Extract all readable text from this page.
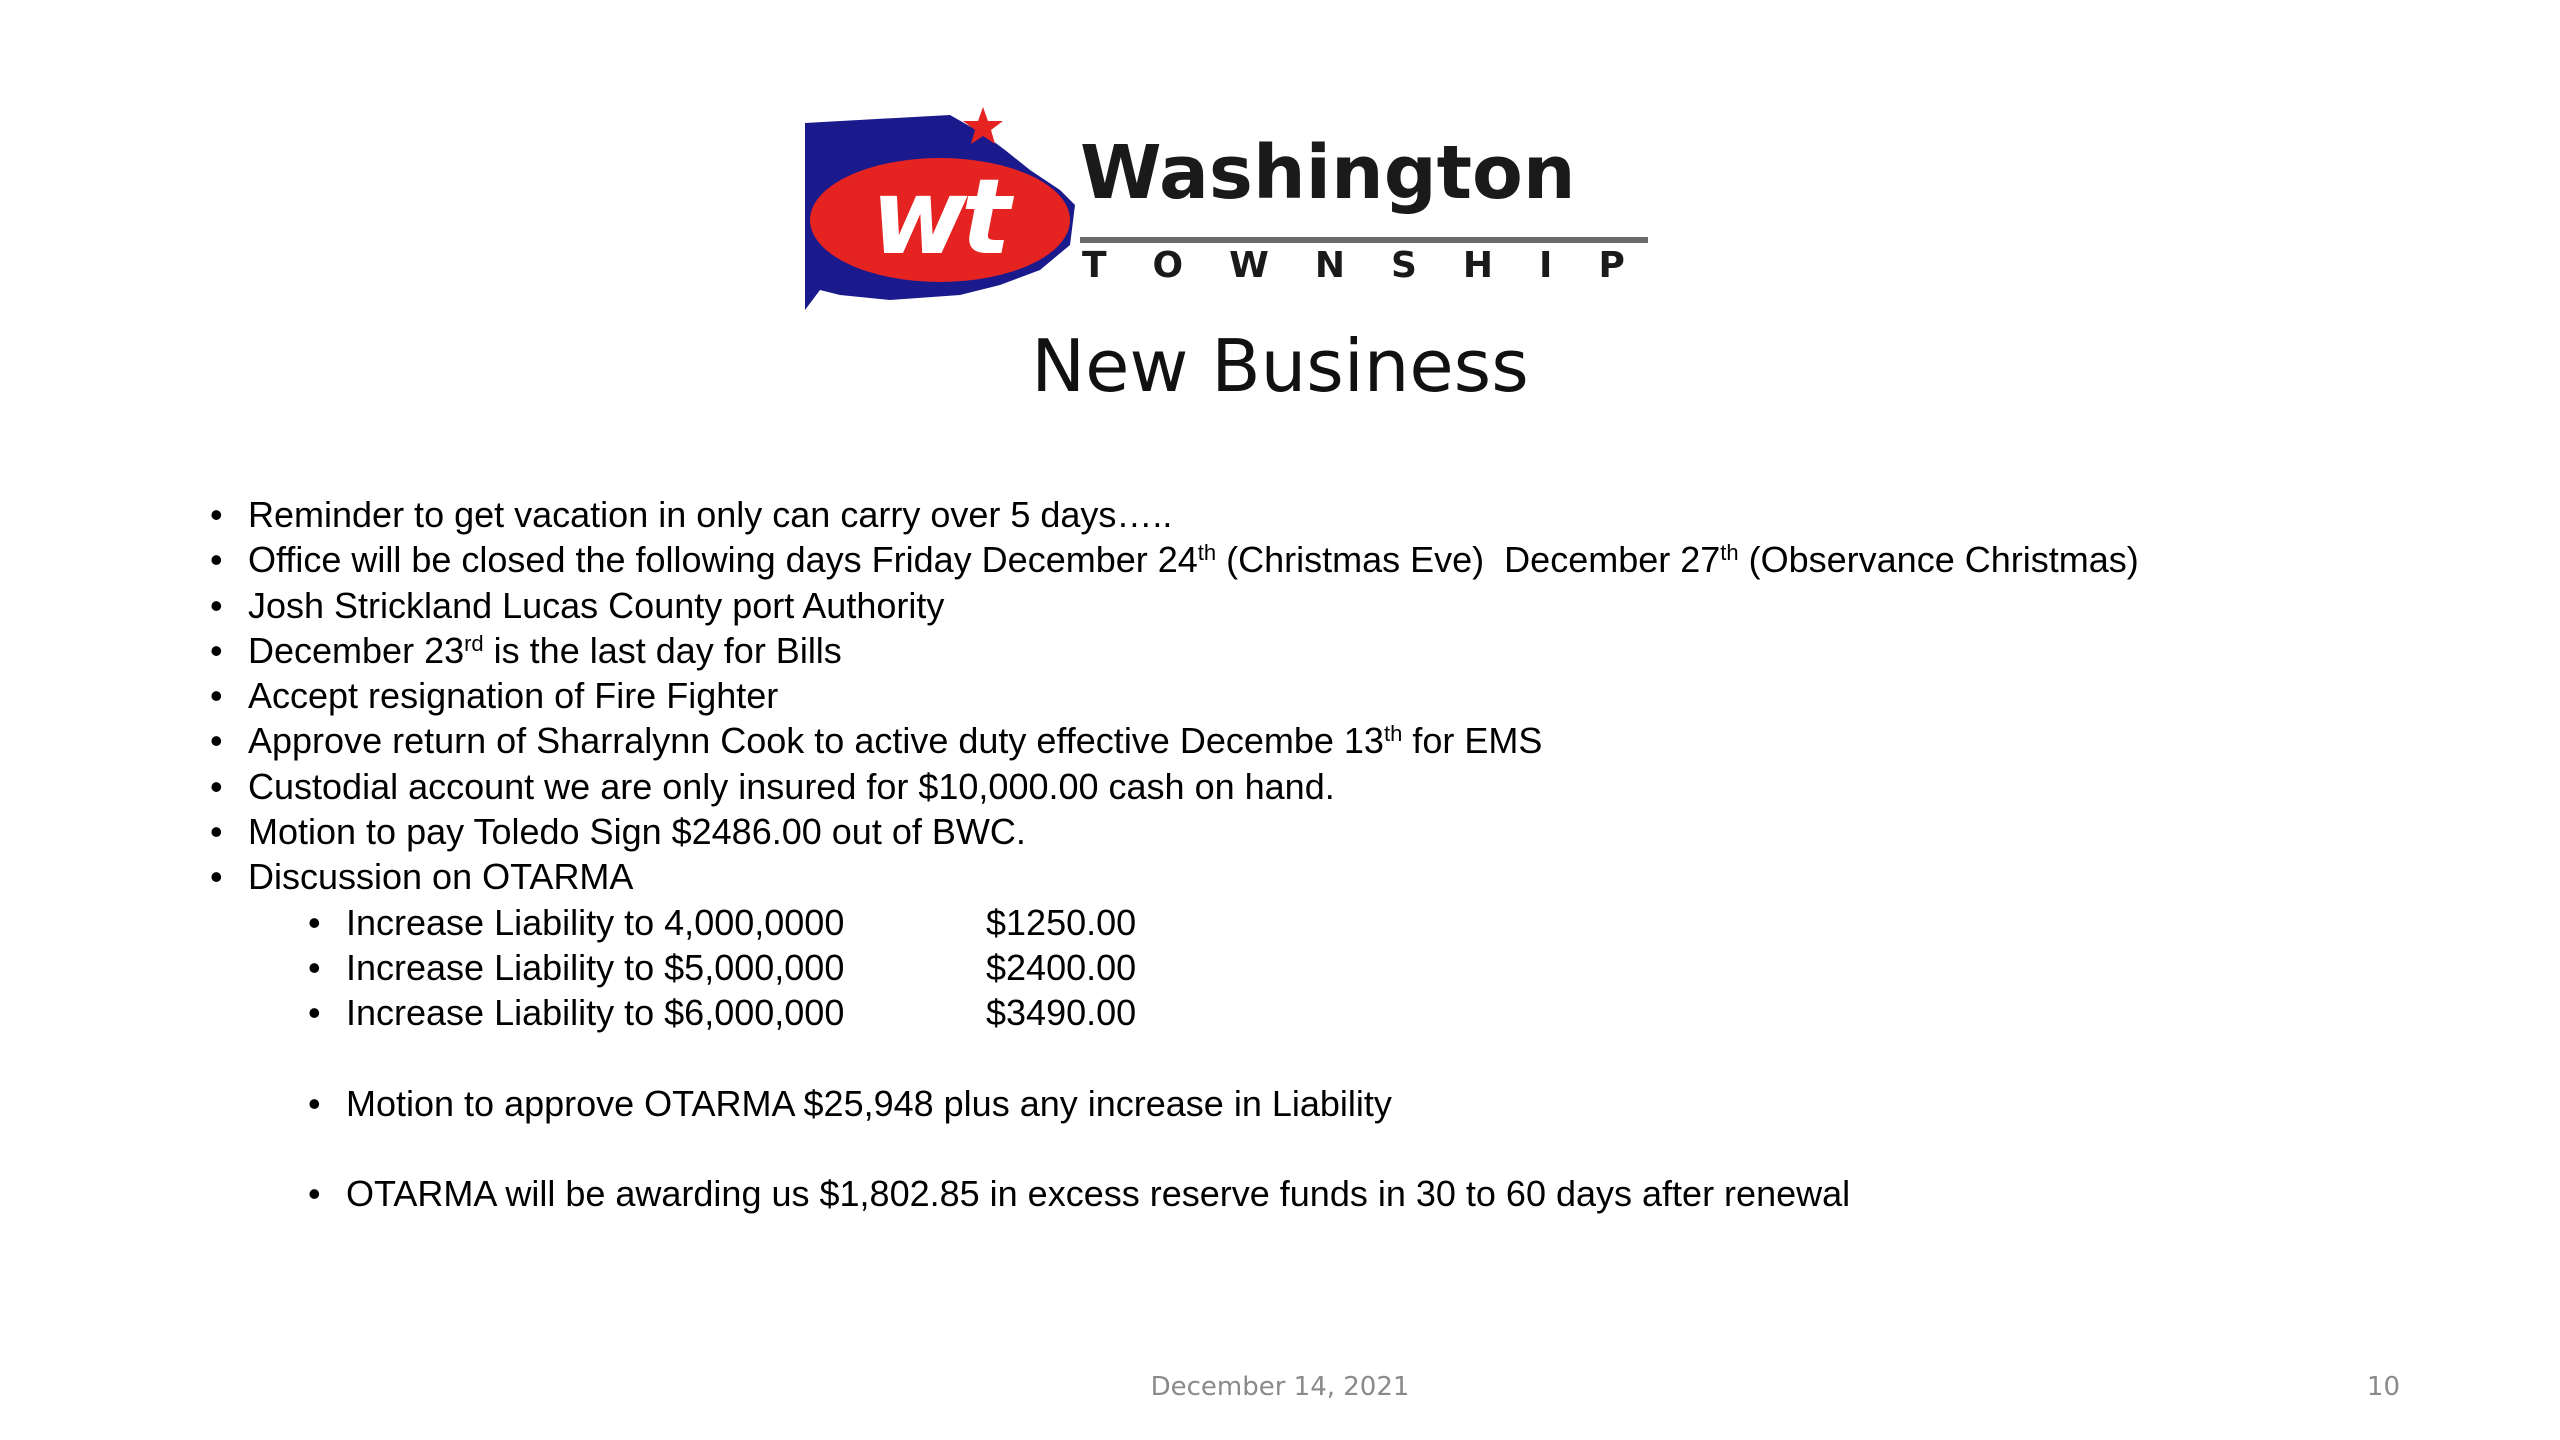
wt Washington
TOWNSHIP
New Business
• Reminder to get vacation in only can carry over 5 days…..
• Office will be closed the following days Friday December 24th (Christmas Eve)  December 27th (Observance Christmas)
• Josh Strickland Lucas County port Authority
• December 23rd is the last day for Bills
• Accept resignation of Fire Fighter
• Approve return of Sharralynn Cook to active duty effective Decembe 13th for EMS
• Custodial account we are only insured for $10,000.00 cash on hand.
• Motion to pay Toledo Sign $2486.00 out of BWC.
• Discussion on OTARMA
• Increase Liability to 4,000,0000	$1250.00
• Increase Liability to $5,000,000	$2400.00
• Increase Liability to $6,000,000	$3490.00
• Motion to approve OTARMA $25,948 plus any increase in Liability
• OTARMA will be awarding us $1,802.85 in excess reserve funds in 30 to 60 days after renewal
December 14, 2021	10
